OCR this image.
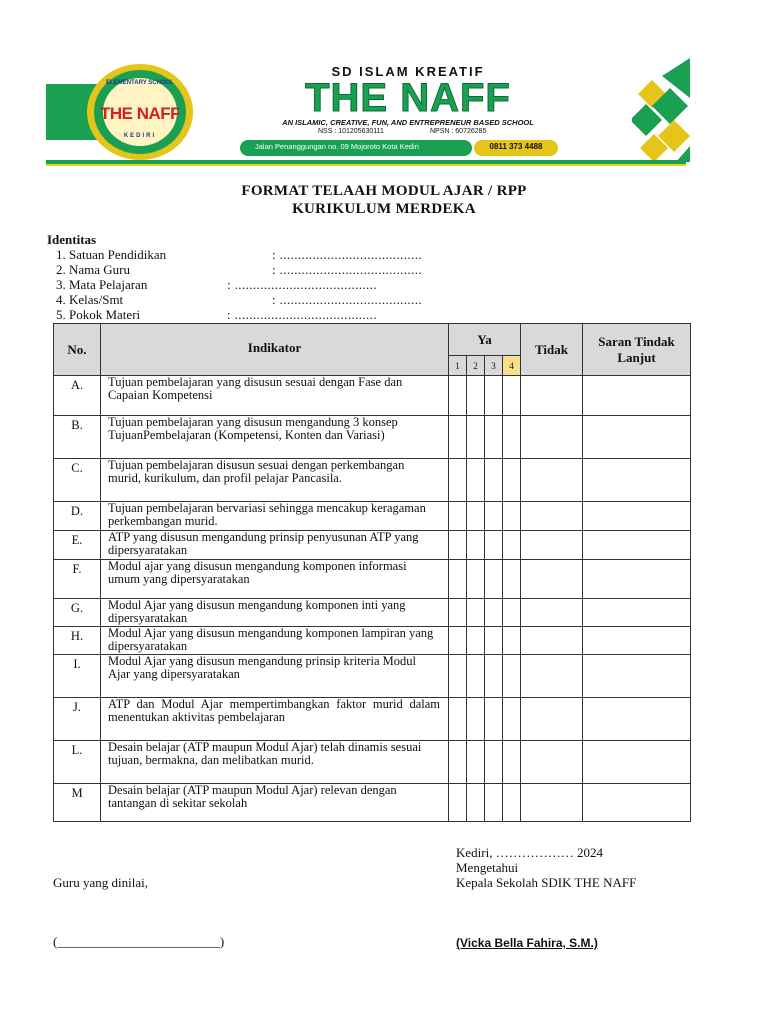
ELEMENTARY SCHOOL
THE NAFF
KEDIRI
SD ISLAM KREATIF
THE NAFF
AN ISLAMIC, CREATIVE, FUN, AND ENTREPRENEUR BASED SCHOOL
NSS : 101205630111	NPSN : 60726285
Jalan Penanggungan no. 09 Mojoroto Kota Kediri	0811 373 4488
FORMAT TELAAH MODUL AJAR / RPP
KURIKULUM MERDEKA
Identitas
1. Satuan Pendidikan	: .......................................
2. Nama Guru	: .......................................
3. Mata Pelajaran	: .......................................
4. Kelas/Smt	: .......................................
5. Pokok Materi	: .......................................
No.	Indikator	Ya				Tidak	Saran Tindak Lanjut
		1	2	3	4		
A.	Tujuan pembelajaran yang disusun sesuai dengan Fase dan Capaian Kompetensi						
B.	Tujuan pembelajaran yang disusun mengandung 3 konsep TujuanPembelajaran (Kompetensi, Konten dan Variasi)						
C.	Tujuan pembelajaran disusun sesuai dengan perkembangan murid, kurikulum, dan profil pelajar Pancasila.						
D.	Tujuan pembelajaran bervariasi sehingga mencakup keragaman perkembangan murid.						
E.	ATP yang disusun mengandung prinsip penyusunan ATP yang dipersyaratakan						
F.	Modul ajar yang disusun mengandung komponen informasi umum yang dipersyaratakan						
G.	Modul Ajar yang disusun mengandung komponen inti yang dipersyaratakan						
H.	Modul Ajar yang disusun mengandung komponen lampiran yang dipersyaratakan						
I.	Modul Ajar yang disusun mengandung prinsip kriteria Modul Ajar yang dipersyaratakan						
J.	ATP dan Modul Ajar mempertimbangkan faktor murid dalam menentukan aktivitas pembelajaran						
L.	Desain belajar (ATP maupun Modul Ajar) telah dinamis sesuai tujuan, bermakna, dan melibatkan murid.						
M	Desain belajar (ATP maupun Modul Ajar) relevan dengan tantangan di sekitar sekolah						
Kediri, ……………… 2024
Mengetahui
Kepala Sekolah SDIK THE NAFF
Guru yang dinilai,
(_________________________)	(Vicka Bella Fahira, S.M.)
